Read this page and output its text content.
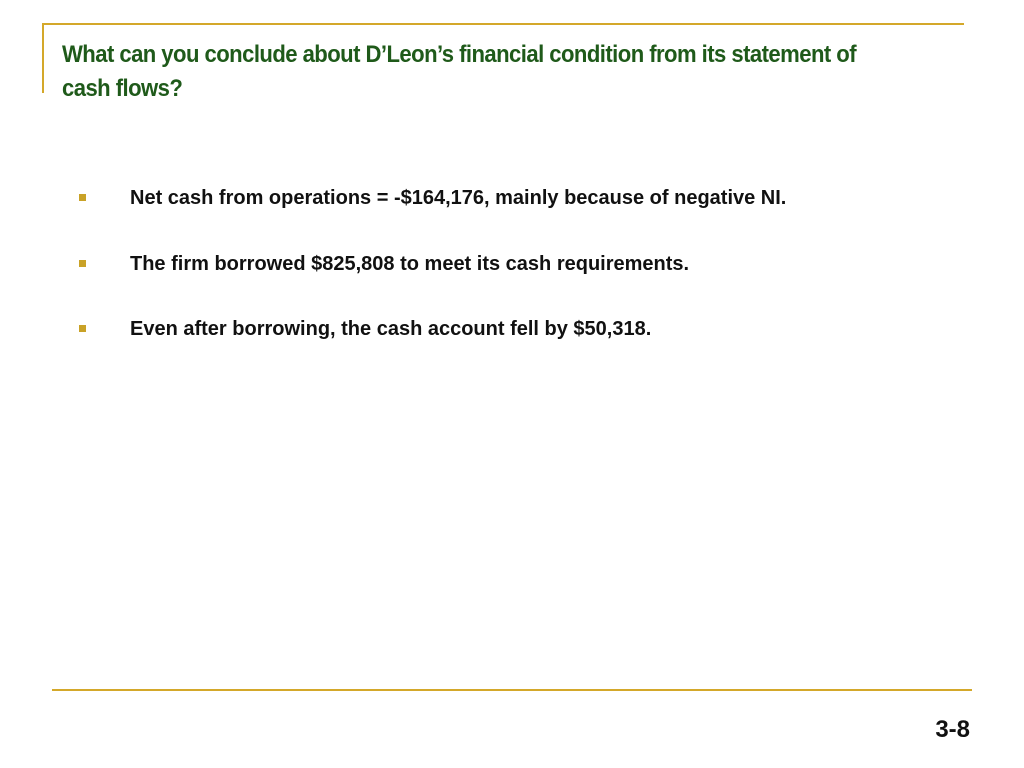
What can you conclude about D’Leon’s financial condition from its statement of cash flows?
Net cash from operations = -$164,176, mainly because of negative NI.
The firm borrowed $825,808 to meet its cash requirements.
Even after borrowing, the cash account fell by $50,318.
3-8
